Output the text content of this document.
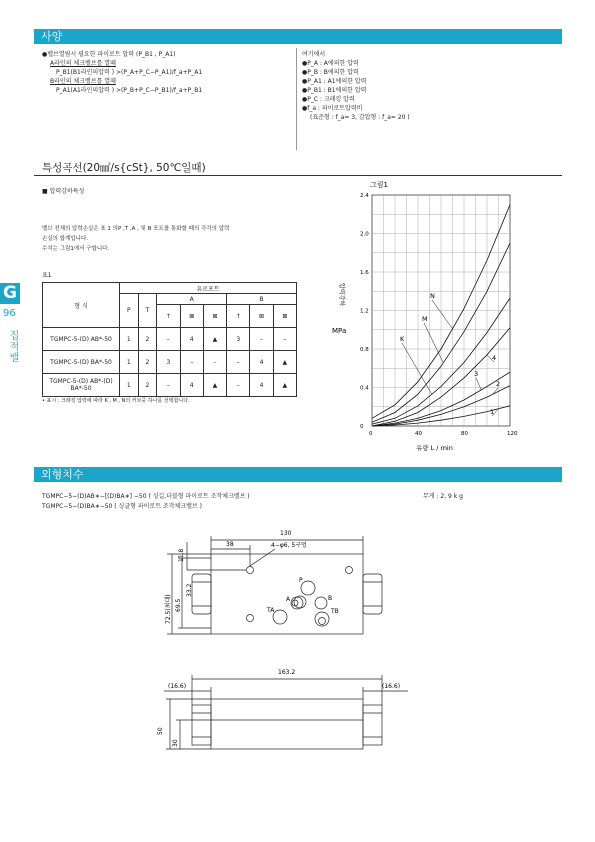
사양
●밸브열림시 필요한 파이로트 압력 (P_B1 , P_A1)
A라인의 체크밸브를 열때
P_B1(B1라인의압력 ) >(P_A+P_C−P_A1)/f_a+P_A1
B라인의 체크밸브를 열때
P_A1(A1라인의압력 ) >(P_B+P_C−P_B1)/f_a+P_B1
여기에서
●P_A : A에의한 압력
●P_B : B에의한 압력
●P_A1 : A1에의한 압력
●P_B1 : B1에의한 압력
●P_C : 크래킹 압력
●f_a : 파이로트압력비
(표준형 : f_a= 3, 감압형 : f_a= 20 )
특성곡선(20㎟/s{cSt}, 50℃일때)
■ 압력강하특성
밸브 전체의 압력손실은 표 1 의P ,T ,A , 및 B 포트를 통화할 때의 각각의 압력
손실의 합계입니다.
수치는 그림1에서 구합니다.
표1
형 식	유로포트							
	P	T	A			B		
			↑	⊠	⊠	↑	⊠	⊠
TGMPC-5-(D) AB*-50	1	2	–	4	▲	3	–	–
TGMPC-5-(D) BA*-50	1	2	3	–	–	–	4	▲
TGMPC-5-(D) AB*-(D) BA*-50	1	2	–	4	▲	–	4	▲
• 표시 : 크래킹 압력에 따라 K , M , N의 커브중 하나를 선택합니다.
G
96
집적밸
그림1
N
M
K
4
3
2
1
0	40	80	120
0
0.4
0.8
1.2
1.6
2.0
2.4
압력강하
MPa
유량 L / min
외형치수
TGMPC−5−(D)AB∗−[(D)BA∗] −50 ( 싱길,더블형 파이로트 조작체크밸브 )	무게 : 2, 9 k g
TGMPC−5−(D)BA∗−50 ( 싱글형 파이로트 조작체크밸브 )
130
38	4−φ6, 5구멍
11.8
33.2
72.5(최대) 69.5
P
A	B
TA	TB
163.2
(16.6)	(16.6)
50
30
